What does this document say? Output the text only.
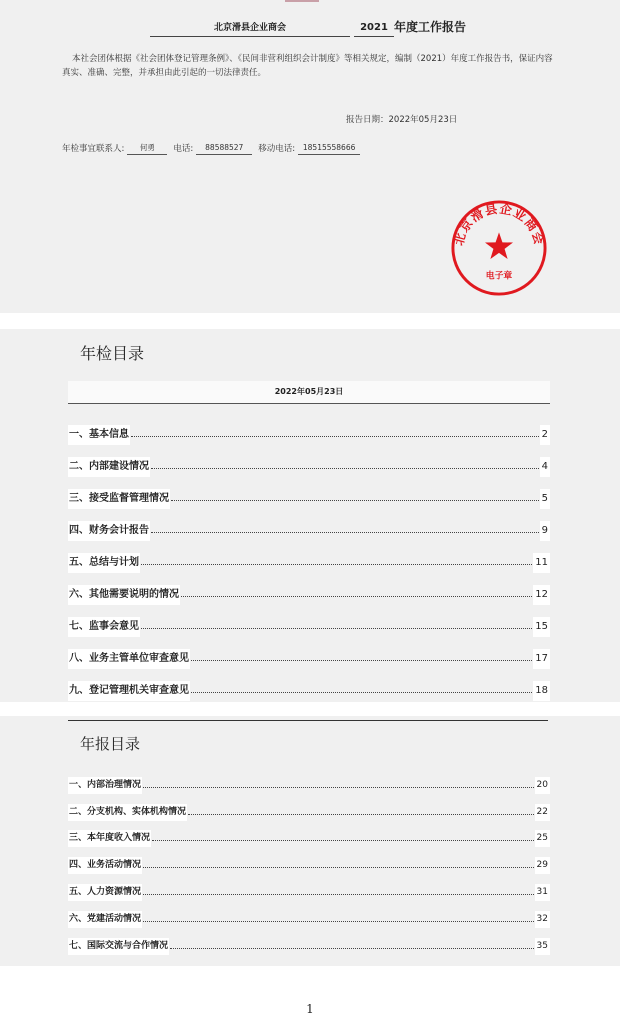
北京滑县企业商会	2021 年度工作报告
本社会团体根据《社会团体登记管理条例》、《民间非营利组织会计制度》等相关规定，编制（2021）年度工作报告书，保证内容真实、准确、完整，并承担由此引起的一切法律责任。
报告日期：2022年05月23日
年检事宜联系人:	何勇	电话:	88588527	移动电话:	18515558666
北京滑县企业商会
电子章
年检目录
2022年05月23日
一、基本信息	2
二、内部建设情况	4
三、接受监督管理情况	5
四、财务会计报告	9
五、总结与计划	11
六、其他需要说明的情况	12
七、监事会意见	15
八、业务主管单位审查意见	17
九、登记管理机关审查意见	18
年报目录
一、内部治理情况	20
二、分支机构、实体机构情况	22
三、本年度收入情况	25
四、业务活动情况	29
五、人力资源情况	31
六、党建活动情况	32
七、国际交流与合作情况	35
1
